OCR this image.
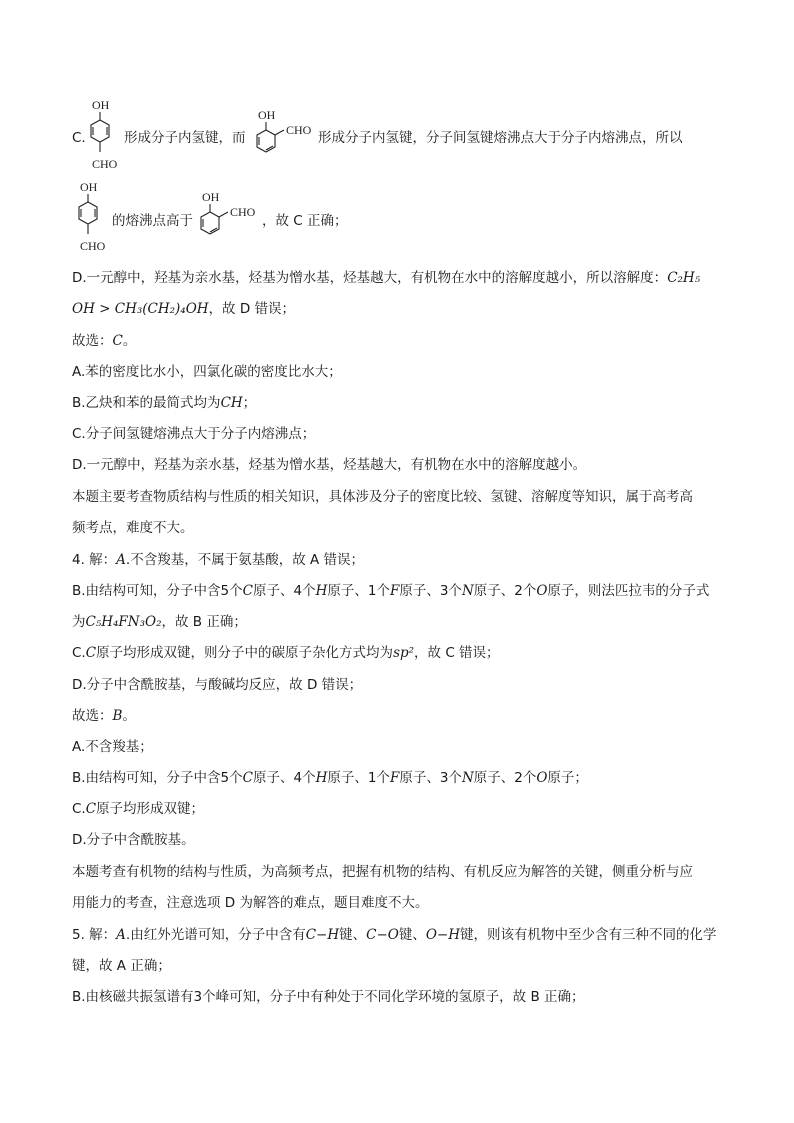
C.
OH
CHO
形成分子内氢键，而
OH
CHO 形成分子内氢键，分子间氢键熔沸点大于分子内熔沸点，所以
OH
CHO
的熔沸点高于
OH
CHO
，故 C 正确；
D.一元醇中，羟基为亲水基，烃基为憎水基，烃基越大，有机物在水中的溶解度越小，所以溶解度：C₂H₅
OH > CH₃(CH₂)₄OH，故 D 错误；
故选：C。
A.苯的密度比水小，四氯化碳的密度比水大；
B.乙炔和苯的最简式均为CH；
C.分子间氢键熔沸点大于分子内熔沸点；
D.一元醇中，羟基为亲水基，烃基为憎水基，烃基越大，有机物在水中的溶解度越小。
本题主要考查物质结构与性质的相关知识，具体涉及分子的密度比较、氢键、溶解度等知识，属于高考高
频考点，难度不大。
4. 解：A.不含羧基，不属于氨基酸，故 A 错误；
B.由结构可知，分子中含5个C原子、4个H原子、1个F原子、3个N原子、2个O原子，则法匹拉韦的分子式
为C₅H₄FN₃O₂，故 B 正确；
C.C原子均形成双键，则分子中的碳原子杂化方式均为sp²，故 C 错误；
D.分子中含酰胺基，与酸碱均反应，故 D 错误；
故选：B。
A.不含羧基；
B.由结构可知，分子中含5个C原子、4个H原子、1个F原子、3个N原子、2个O原子；
C.C原子均形成双键；
D.分子中含酰胺基。
本题考查有机物的结构与性质，为高频考点，把握有机物的结构、有机反应为解答的关键，侧重分析与应
用能力的考查，注意选项 D 为解答的难点，题目难度不大。
5. 解：A.由红外光谱可知，分子中含有C−H键、C−O键、O−H键，则该有机物中至少含有三种不同的化学
键，故 A 正确；
B.由核磁共振氢谱有3个峰可知，分子中有种处于不同化学环境的氢原子，故 B 正确；
